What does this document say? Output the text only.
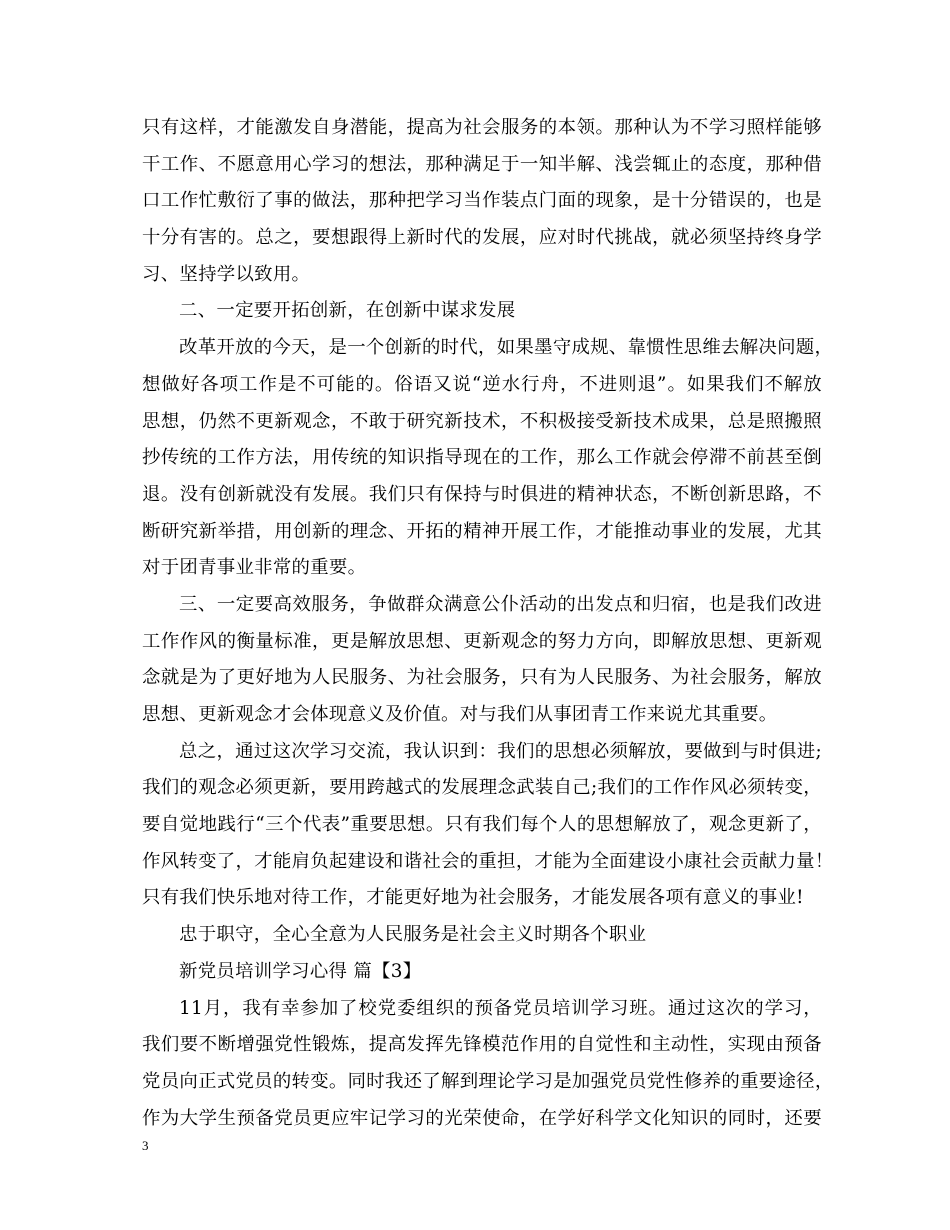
只有这样，才能激发自身潜能，提高为社会服务的本领。那种认为不学习照样能够
干工作、不愿意用心学习的想法，那种满足于一知半解、浅尝辄止的态度，那种借
口工作忙敷衍了事的做法，那种把学习当作装点门面的现象，是十分错误的，也是
十分有害的。总之，要想跟得上新时代的发展，应对时代挑战，就必须坚持终身学
习、坚持学以致用。
二、一定要开拓创新，在创新中谋求发展
改革开放的今天，是一个创新的时代，如果墨守成规、靠惯性思维去解决问题，
想做好各项工作是不可能的。俗语又说“逆水行舟，不进则退”。如果我们不解放
思想，仍然不更新观念，不敢于研究新技术，不积极接受新技术成果，总是照搬照
抄传统的工作方法，用传统的知识指导现在的工作，那么工作就会停滞不前甚至倒
退。没有创新就没有发展。我们只有保持与时俱进的精神状态，不断创新思路，不
断研究新举措，用创新的理念、开拓的精神开展工作，才能推动事业的发展，尤其
对于团青事业非常的重要。
三、一定要高效服务，争做群众满意公仆活动的出发点和归宿，也是我们改进
工作作风的衡量标准，更是解放思想、更新观念的努力方向，即解放思想、更新观
念就是为了更好地为人民服务、为社会服务，只有为人民服务、为社会服务，解放
思想、更新观念才会体现意义及价值。对与我们从事团青工作来说尤其重要。
总之，通过这次学习交流，我认识到：我们的思想必须解放，要做到与时俱进;
我们的观念必须更新，要用跨越式的发展理念武装自己;我们的工作作风必须转变，
要自觉地践行“三个代表”重要思想。只有我们每个人的思想解放了，观念更新了，
作风转变了，才能肩负起建设和谐社会的重担，才能为全面建设小康社会贡献力量！
只有我们快乐地对待工作，才能更好地为社会服务，才能发展各项有意义的事业!
忠于职守，全心全意为人民服务是社会主义时期各个职业
新党员培训学习心得 篇【3】
11月，我有幸参加了校党委组织的预备党员培训学习班。通过这次的学习，
我们要不断增强党性锻炼，提高发挥先锋模范作用的自觉性和主动性，实现由预备
党员向正式党员的转变。同时我还了解到理论学习是加强党员党性修养的重要途径，
作为大学生预备党员更应牢记学习的光荣使命，在学好科学文化知识的同时，还要
3
